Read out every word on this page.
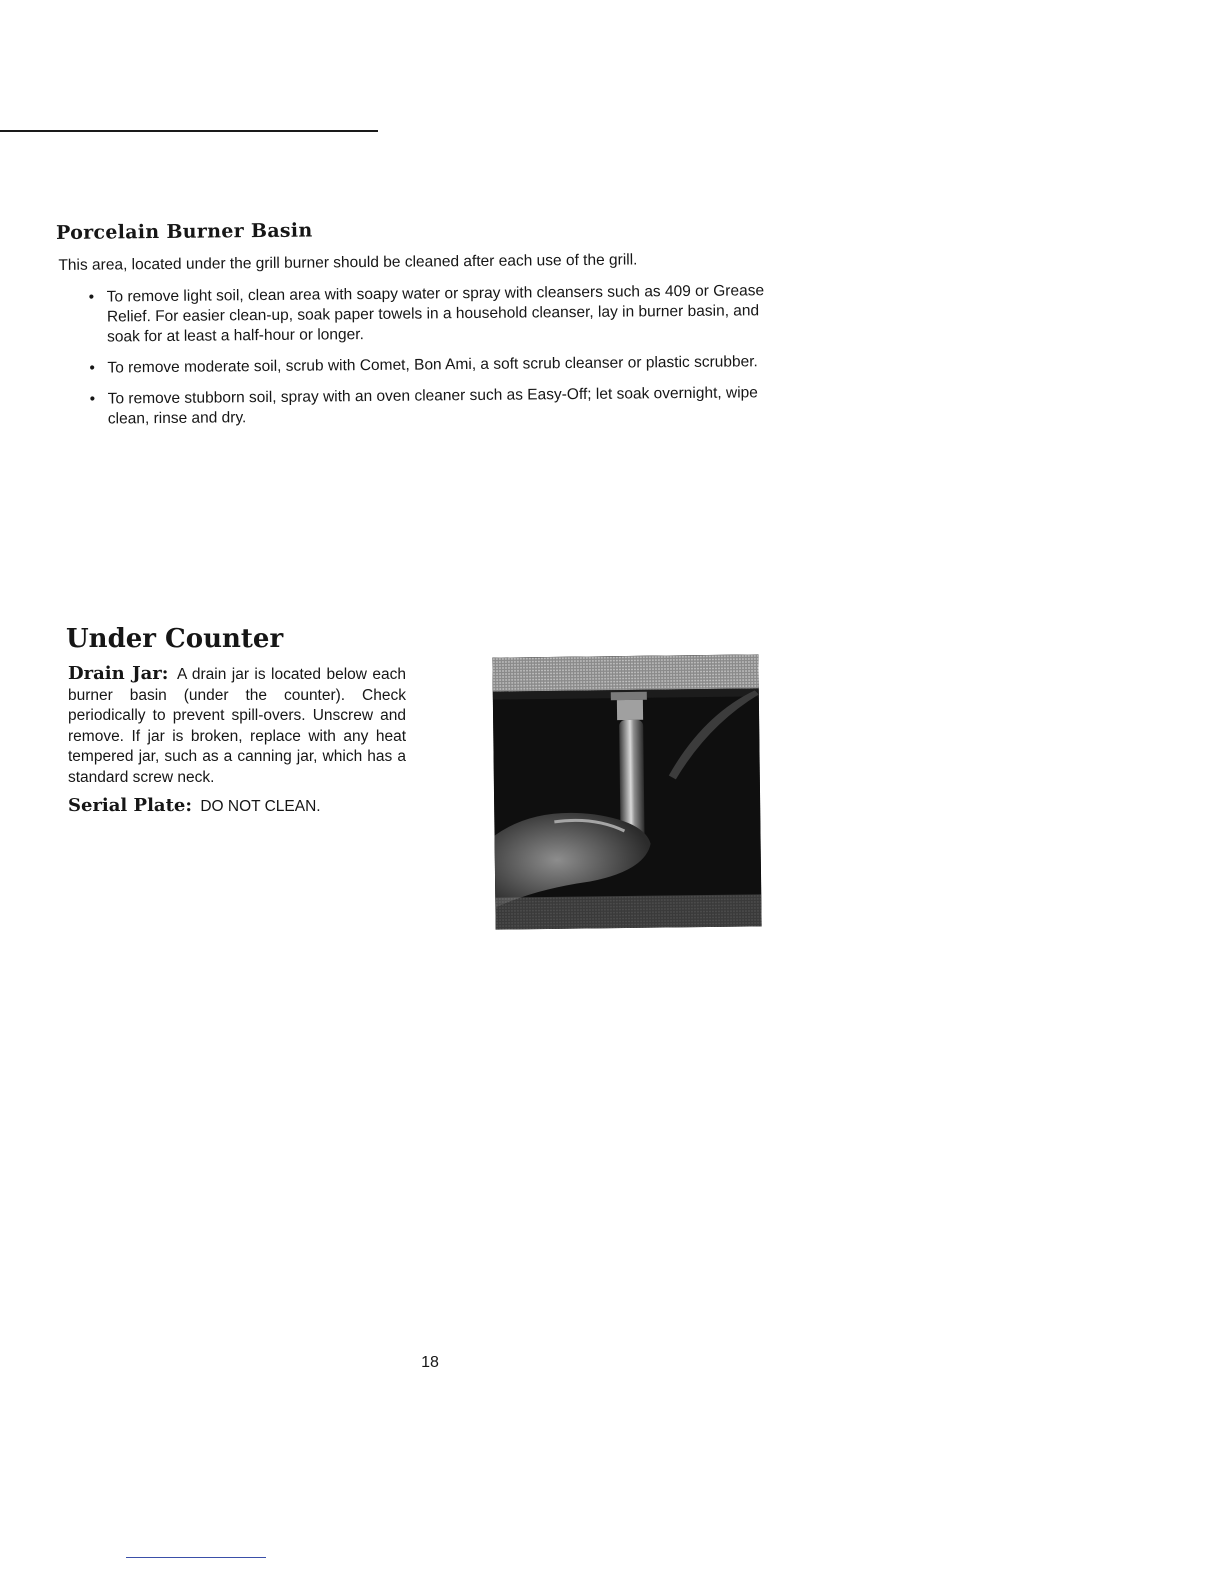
Porcelain Burner Basin

This area, located under the grill burner should be cleaned after each use of the grill.

• To remove light soil, clean area with soapy water or spray with cleansers such as 409 or Grease Relief. For easier clean-up, soak paper towels in a household cleanser, lay in burner basin, and soak for at least a half-hour or longer.
• To remove moderate soil, scrub with Comet, Bon Ami, a soft scrub cleanser or plastic scrubber.
• To remove stubborn soil, spray with an oven cleaner such as Easy-Off; let soak overnight, wipe clean, rinse and dry.
Under Counter

Drain Jar: A drain jar is located below each burner basin (under the counter). Check periodically to prevent spill-overs. Unscrew and remove. If jar is broken, replace with any heat tempered jar, such as a canning jar, which has a standard screw neck.

Serial Plate: DO NOT CLEAN.

18
